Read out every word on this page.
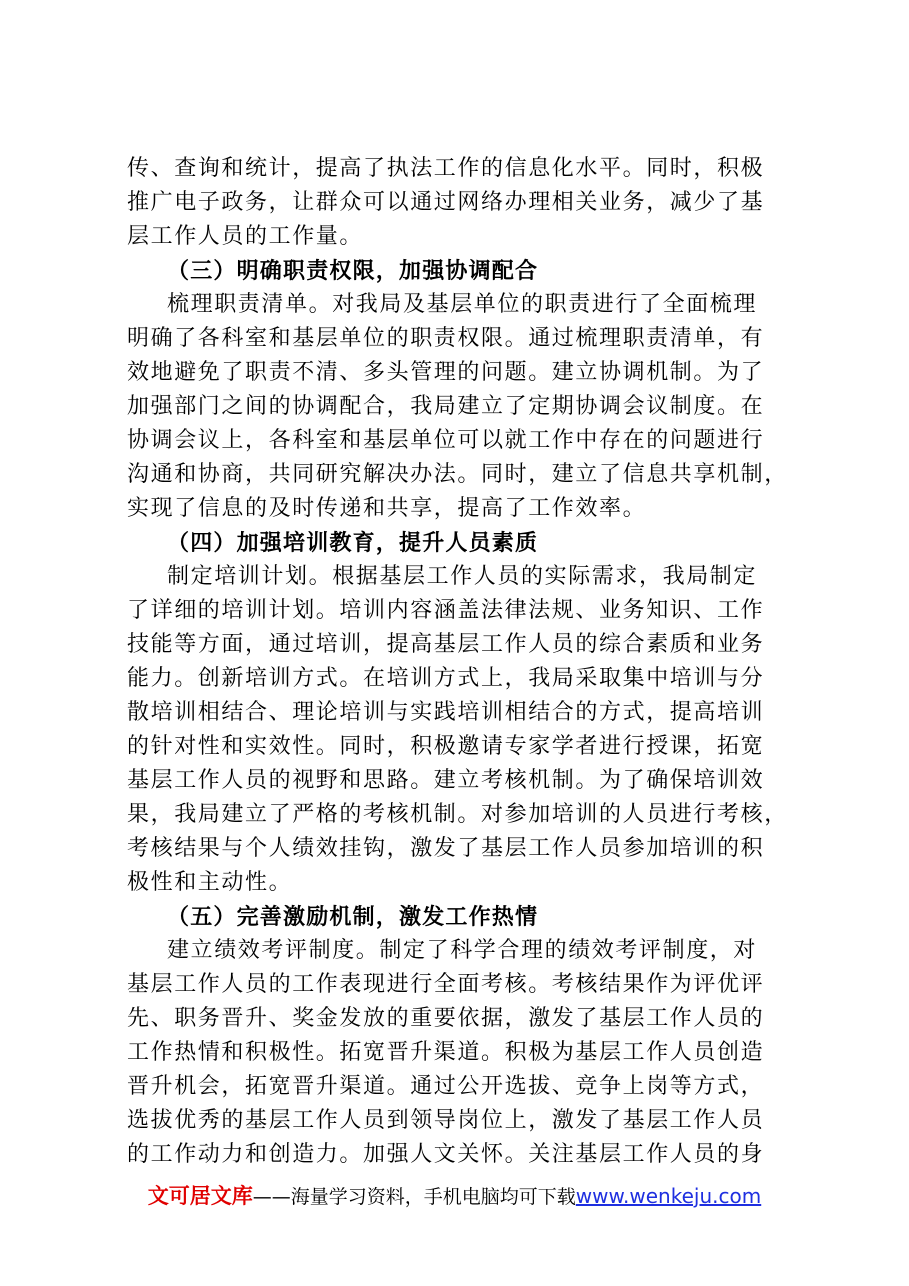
传、查询和统计，提高了执法工作的信息化水平。同时，积极
推广电子政务，让群众可以通过网络办理相关业务，减少了基
层工作人员的工作量。
（三）明确职责权限，加强协调配合
梳理职责清单。对我局及基层单位的职责进行了全面梳理
明确了各科室和基层单位的职责权限。通过梳理职责清单，有
效地避免了职责不清、多头管理的问题。建立协调机制。为了
加强部门之间的协调配合，我局建立了定期协调会议制度。在
协调会议上，各科室和基层单位可以就工作中存在的问题进行
沟通和协商，共同研究解决办法。同时，建立了信息共享机制，
实现了信息的及时传递和共享，提高了工作效率。
（四）加强培训教育，提升人员素质
制定培训计划。根据基层工作人员的实际需求，我局制定
了详细的培训计划。培训内容涵盖法律法规、业务知识、工作
技能等方面，通过培训，提高基层工作人员的综合素质和业务
能力。创新培训方式。在培训方式上，我局采取集中培训与分
散培训相结合、理论培训与实践培训相结合的方式，提高培训
的针对性和实效性。同时，积极邀请专家学者进行授课，拓宽
基层工作人员的视野和思路。建立考核机制。为了确保培训效
果，我局建立了严格的考核机制。对参加培训的人员进行考核，
考核结果与个人绩效挂钩，激发了基层工作人员参加培训的积
极性和主动性。
（五）完善激励机制，激发工作热情
建立绩效考评制度。制定了科学合理的绩效考评制度，对
基层工作人员的工作表现进行全面考核。考核结果作为评优评
先、职务晋升、奖金发放的重要依据，激发了基层工作人员的
工作热情和积极性。拓宽晋升渠道。积极为基层工作人员创造
晋升机会，拓宽晋升渠道。通过公开选拔、竞争上岗等方式，
选拔优秀的基层工作人员到领导岗位上，激发了基层工作人员
的工作动力和创造力。加强人文关怀。关注基层工作人员的身
文可居文库——海量学习资料，手机电脑均可下载www.wenkeju.com
